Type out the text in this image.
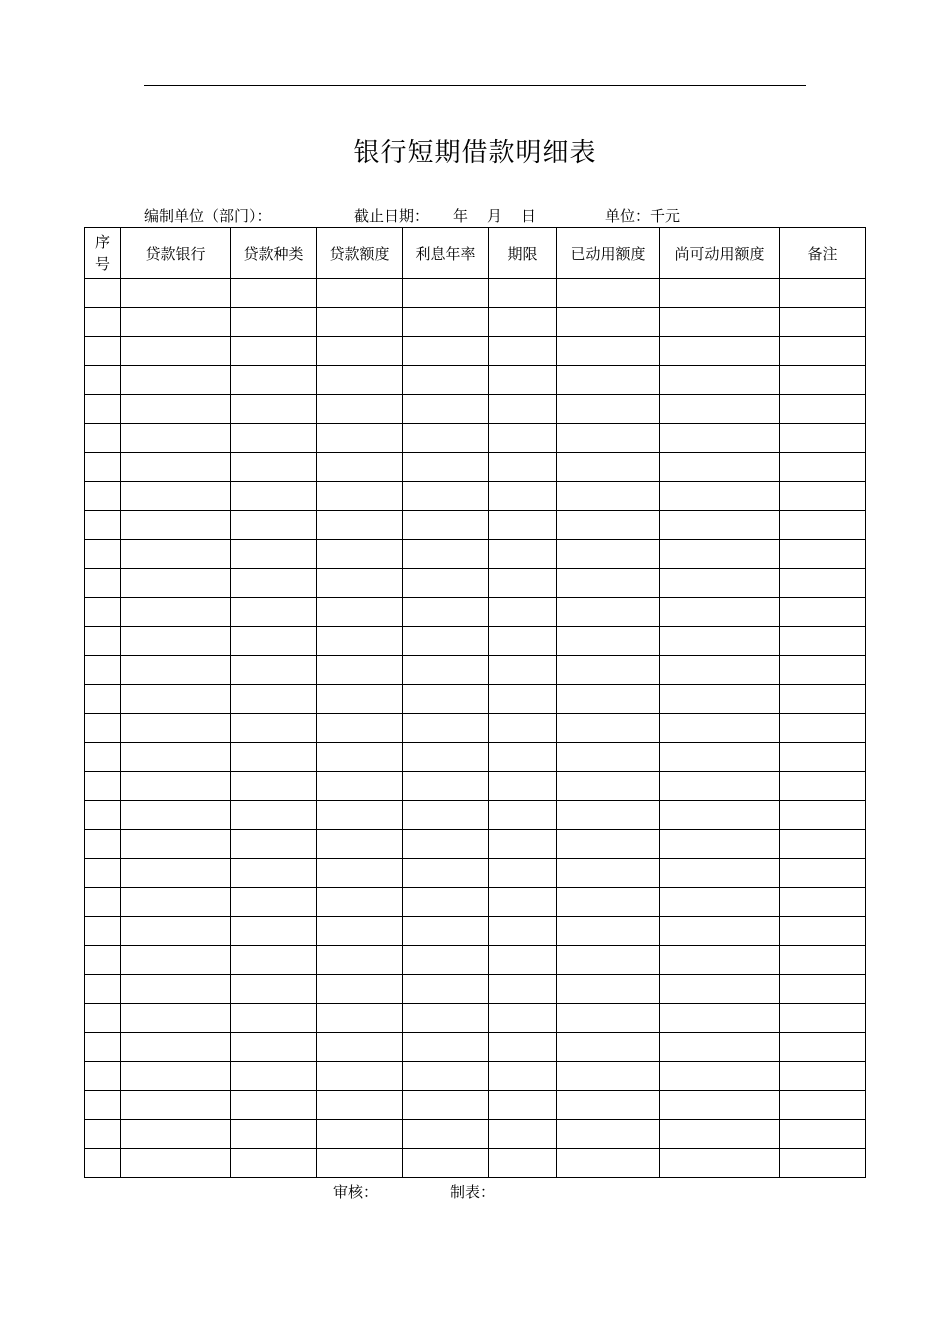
银行短期借款明细表
编制单位（部门）：	截止日期： 年 月 日	单位：千元
序
号	贷款银行	贷款种类	贷款额度	利息年率	期限	已动用额度	尚可动用额度	备注

审核：	制表：
